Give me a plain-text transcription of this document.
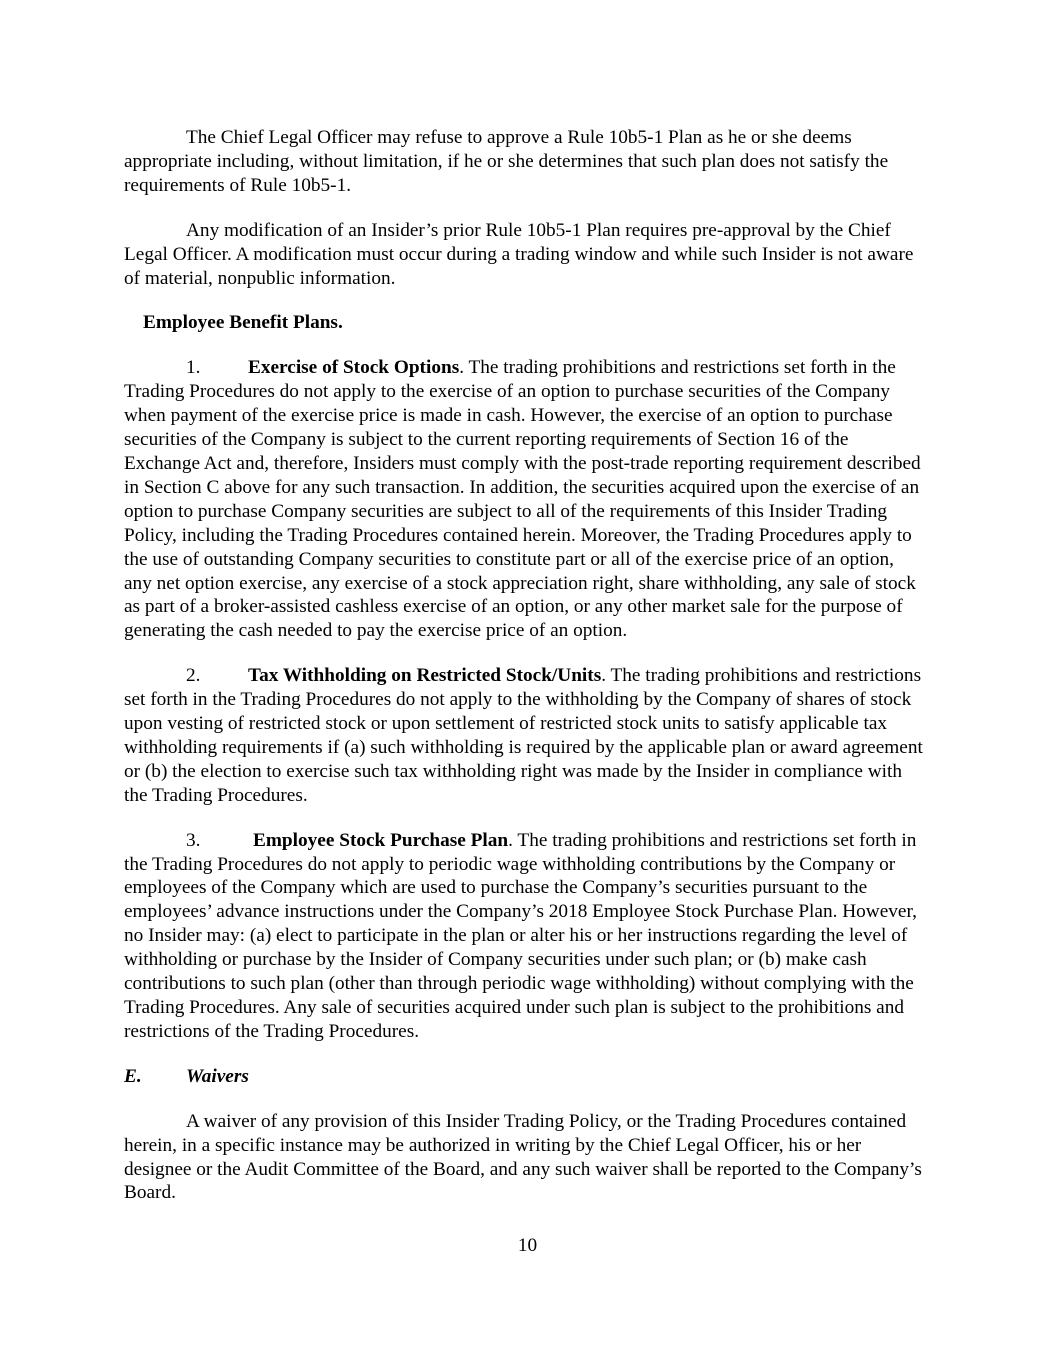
The Chief Legal Officer may refuse to approve a Rule 10b5-1 Plan as he or she deems appropriate including, without limitation, if he or she determines that such plan does not satisfy the requirements of Rule 10b5-1.

Any modification of an Insider’s prior Rule 10b5-1 Plan requires pre-approval by the Chief Legal Officer. A modification must occur during a trading window and while such Insider is not aware of material, nonpublic information.

Employee Benefit Plans.

1. Exercise of Stock Options. The trading prohibitions and restrictions set forth in the Trading Procedures do not apply to the exercise of an option to purchase securities of the Company when payment of the exercise price is made in cash. However, the exercise of an option to purchase securities of the Company is subject to the current reporting requirements of Section 16 of the Exchange Act and, therefore, Insiders must comply with the post-trade reporting requirement described in Section C above for any such transaction. In addition, the securities acquired upon the exercise of an option to purchase Company securities are subject to all of the requirements of this Insider Trading Policy, including the Trading Procedures contained herein. Moreover, the Trading Procedures apply to the use of outstanding Company securities to constitute part or all of the exercise price of an option, any net option exercise, any exercise of a stock appreciation right, share withholding, any sale of stock as part of a broker-assisted cashless exercise of an option, or any other market sale for the purpose of generating the cash needed to pay the exercise price of an option.

2. Tax Withholding on Restricted Stock/Units. The trading prohibitions and restrictions set forth in the Trading Procedures do not apply to the withholding by the Company of shares of stock upon vesting of restricted stock or upon settlement of restricted stock units to satisfy applicable tax withholding requirements if (a) such withholding is required by the applicable plan or award agreement or (b) the election to exercise such tax withholding right was made by the Insider in compliance with the Trading Procedures.

3.	Employee Stock Purchase Plan. The trading prohibitions and restrictions set forth in the Trading Procedures do not apply to periodic wage withholding contributions by the Company or employees of the Company which are used to purchase the Company’s securities pursuant to the employees’ advance instructions under the Company’s 2018 Employee Stock Purchase Plan. However, no Insider may: (a) elect to participate in the plan or alter his or her instructions regarding the level of withholding or purchase by the Insider of Company securities under such plan; or (b) make cash contributions to such plan (other than through periodic wage withholding) without complying with the Trading Procedures. Any sale of securities acquired under such plan is subject to the prohibitions and restrictions of the Trading Procedures.

E. Waivers

A waiver of any provision of this Insider Trading Policy, or the Trading Procedures contained herein, in a specific instance may be authorized in writing by the Chief Legal Officer, his or her designee or the Audit Committee of the Board, and any such waiver shall be reported to the Company’s Board.

10
